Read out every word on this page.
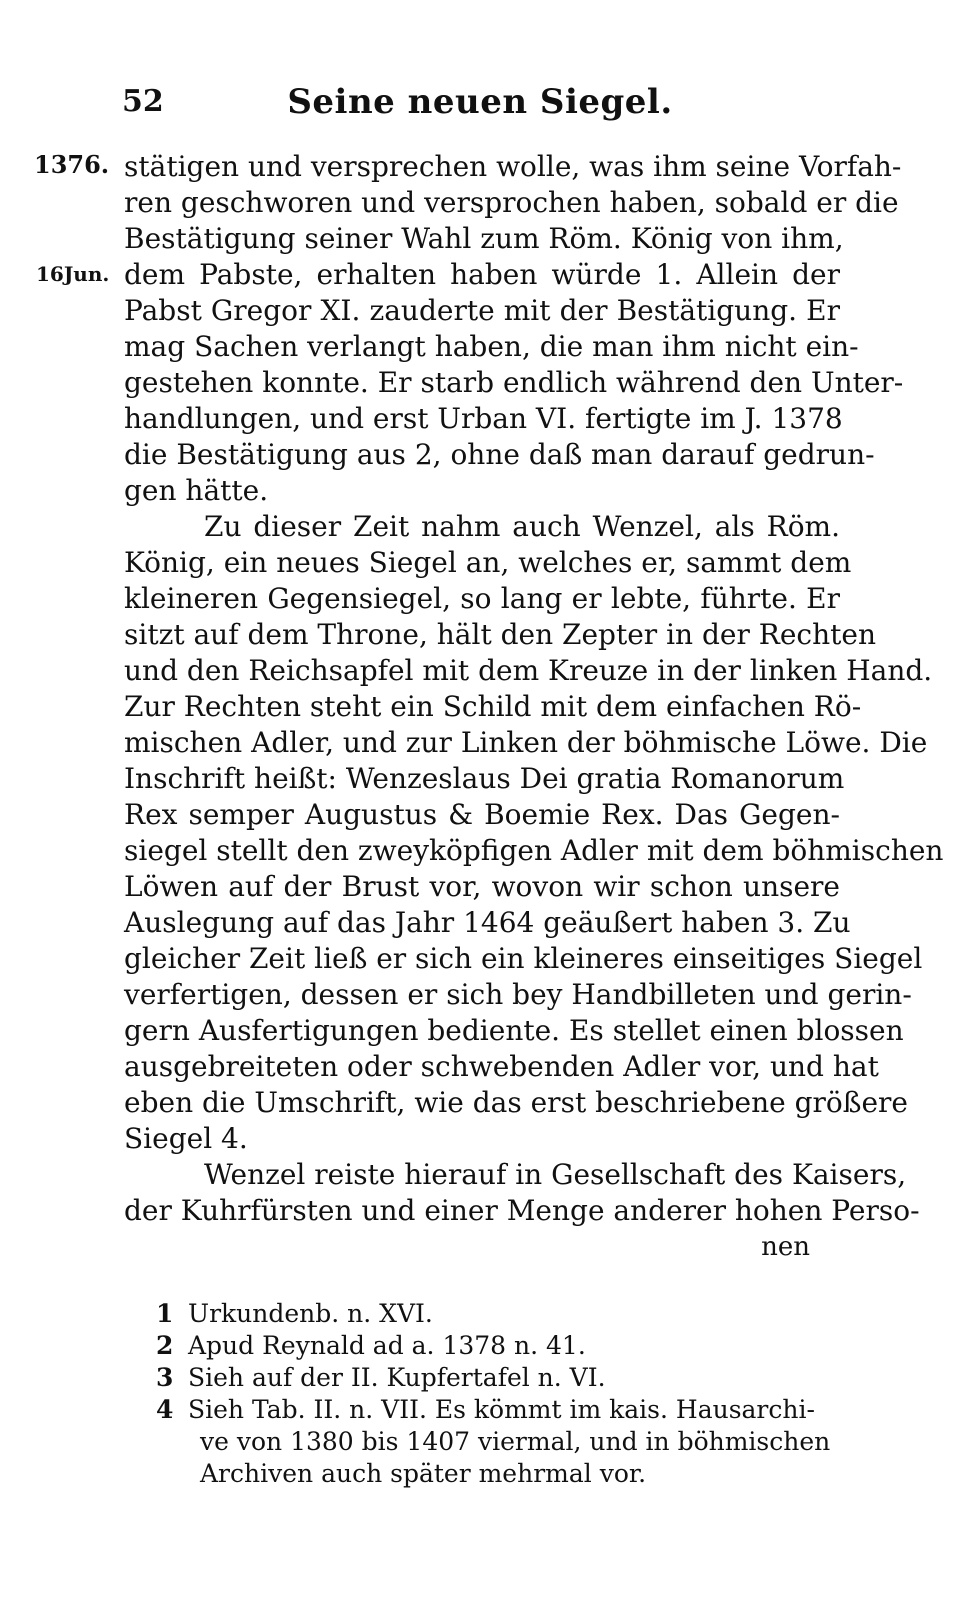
52	Seine neuen Siegel.
1376.
16Jun.
stätigen und versprechen wolle, was ihm seine Vorfah-
ren geschworen und versprochen haben, sobald er die
Bestätigung seiner Wahl zum Röm. König von ihm,
dem Pabste, erhalten haben würde 1. Allein der
Pabst Gregor XI. zauderte mit der Bestätigung. Er
mag Sachen verlangt haben, die man ihm nicht ein-
gestehen konnte. Er starb endlich während den Unter-
handlungen, und erst Urban VI. fertigte im J. 1378
die Bestätigung aus 2, ohne daß man darauf gedrun-
gen hätte.
Zu dieser Zeit nahm auch Wenzel, als Röm.
König, ein neues Siegel an, welches er, sammt dem
kleineren Gegensiegel, so lang er lebte, führte. Er
sitzt auf dem Throne, hält den Zepter in der Rechten
und den Reichsapfel mit dem Kreuze in der linken Hand.
Zur Rechten steht ein Schild mit dem einfachen Rö-
mischen Adler, und zur Linken der böhmische Löwe. Die
Inschrift heißt: Wenzeslaus Dei gratia Romanorum
Rex semper Augustus & Boemie Rex. Das Gegen-
siegel stellt den zweyköpfigen Adler mit dem böhmischen
Löwen auf der Brust vor, wovon wir schon unsere
Auslegung auf das Jahr 1464 geäußert haben 3. Zu
gleicher Zeit ließ er sich ein kleineres einseitiges Siegel
verfertigen, dessen er sich bey Handbilleten und gerin-
gern Ausfertigungen bediente. Es stellet einen blossen
ausgebreiteten oder schwebenden Adler vor, und hat
eben die Umschrift, wie das erst beschriebene größere
Siegel 4.
Wenzel reiste hierauf in Gesellschaft des Kaisers,
der Kuhrfürsten und einer Menge anderer hohen Perso-
nen
1 Urkundenb. n. XVI.
2 Apud Reynald ad a. 1378 n. 41.
3 Sieh auf der II. Kupfertafel n. VI.
4 Sieh Tab. II. n. VII. Es kömmt im kais. Hausarchi-
ve von 1380 bis 1407 viermal, und in böhmischen
Archiven auch später mehrmal vor.
